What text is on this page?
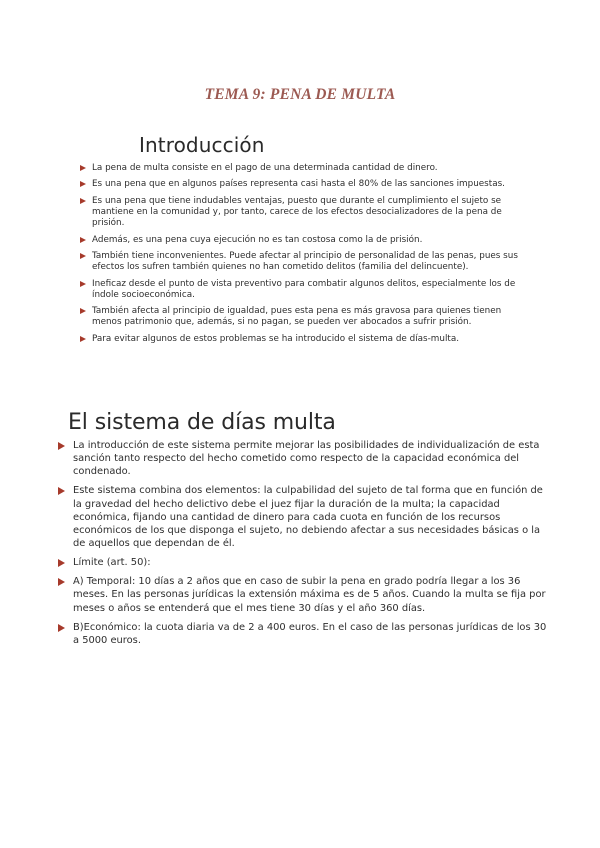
TEMA 9: PENA DE MULTA
Introducción
La pena de multa consiste en el pago de una determinada cantidad de dinero.
Es una pena que en algunos países representa casi hasta el 80% de las sanciones impuestas.
Es una pena que tiene indudables ventajas, puesto que durante el cumplimiento el sujeto se mantiene en la comunidad y, por tanto, carece de los efectos desocializadores de la pena de prisión.
Además, es una pena cuya ejecución no es tan costosa como la de prisión.
También tiene inconvenientes. Puede afectar al principio de personalidad de las penas, pues sus efectos los sufren también quienes no han cometido delitos (familia del delincuente).
Ineficaz desde el punto de vista preventivo para combatir algunos delitos, especialmente los de índole socioeconómica.
También afecta al principio de igualdad, pues esta pena es más gravosa para quienes tienen menos patrimonio que, además, si no pagan, se pueden ver abocados a sufrir prisión.
Para evitar algunos de estos problemas se ha introducido el sistema de días-multa.
El sistema de días multa
La introducción de este sistema permite mejorar las posibilidades de individualización de esta sanción tanto respecto del hecho cometido como respecto de la capacidad económica del condenado.
Este sistema combina dos elementos: la culpabilidad del sujeto de tal forma que en función de la gravedad del hecho delictivo debe el juez fijar la duración de la multa; la capacidad económica, fijando una cantidad de dinero para cada cuota en función de los recursos económicos de los que disponga el sujeto, no debiendo afectar a sus necesidades básicas o la de aquellos que dependan de él.
Límite (art. 50):
A) Temporal: 10 días a 2 años que en caso de subir la pena en grado podría llegar a los 36 meses. En las personas jurídicas la extensión máxima es de 5 años. Cuando la multa se fija por meses o años se entenderá que el mes tiene 30 días y el año 360 días.
B)Económico: la cuota diaria va de 2 a 400 euros. En el caso de las personas jurídicas de los 30 a 5000 euros.
